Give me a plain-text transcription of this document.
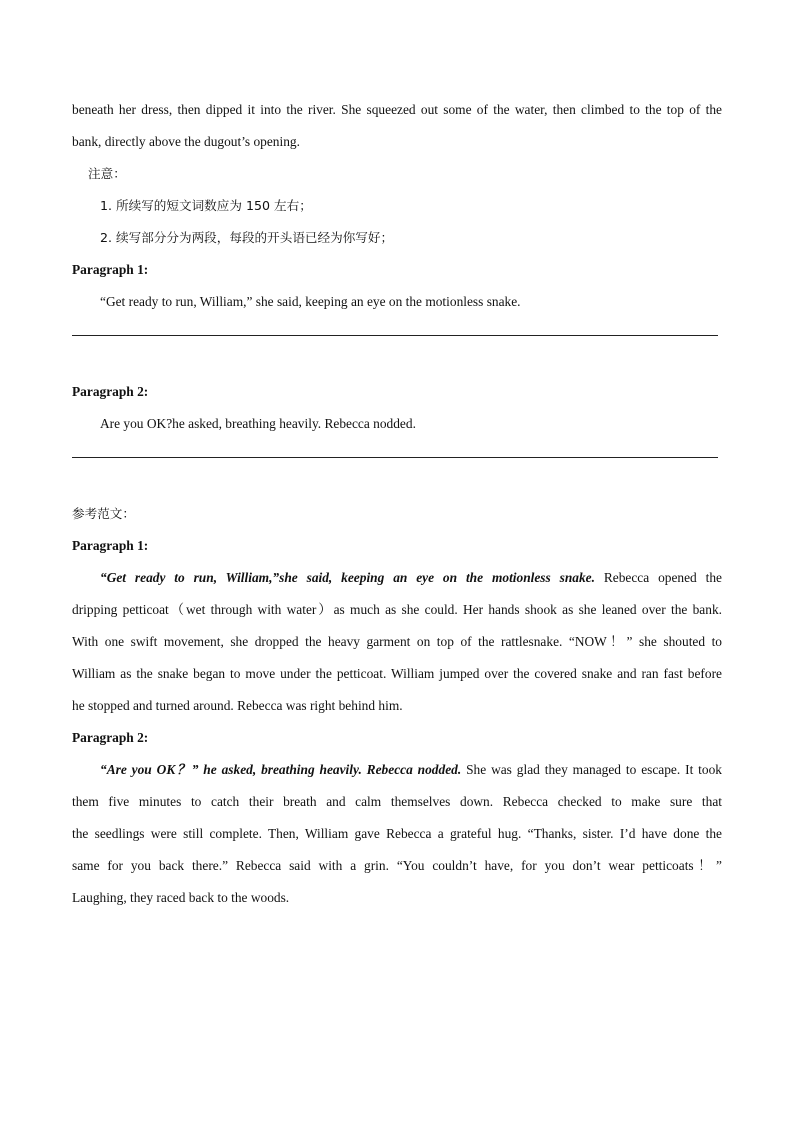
beneath her dress, then dipped it into the river. She squeezed out some of the water, then climbed to the top of the
bank, directly above the dugout’s opening.
注意：
1. 所续写的短文词数应为 150 左右；
2. 续写部分分为两段，每段的开头语已经为你写好；
Paragraph 1:
“Get ready to run, William,” she said, keeping an eye on the motionless snake.
Paragraph 2:
Are you OK?he asked, breathing heavily. Rebecca nodded.
参考范文：
Paragraph 1:
“Get ready to run, William,”she said, keeping an eye on the motionless snake. Rebecca opened the
dripping petticoat（wet through with water）as much as she could. Her hands shook as she leaned over the bank.
With one swift movement, she dropped the heavy garment on top of the rattlesnake. “NOW！” she shouted to
William as the snake began to move under the petticoat. William jumped over the covered snake and ran fast before
he stopped and turned around. Rebecca was right behind him.
Paragraph 2:
“Are you OK？” he asked, breathing heavily. Rebecca nodded. She was glad they managed to escape. It took
them five minutes to catch their breath and calm themselves down. Rebecca checked to make sure that
the seedlings were still complete. Then, William gave Rebecca a grateful hug. “Thanks, sister. I’d have done the
same for you back there.” Rebecca said with a grin. “You couldn’t have, for you don’t wear petticoats！”
Laughing, they raced back to the woods.
